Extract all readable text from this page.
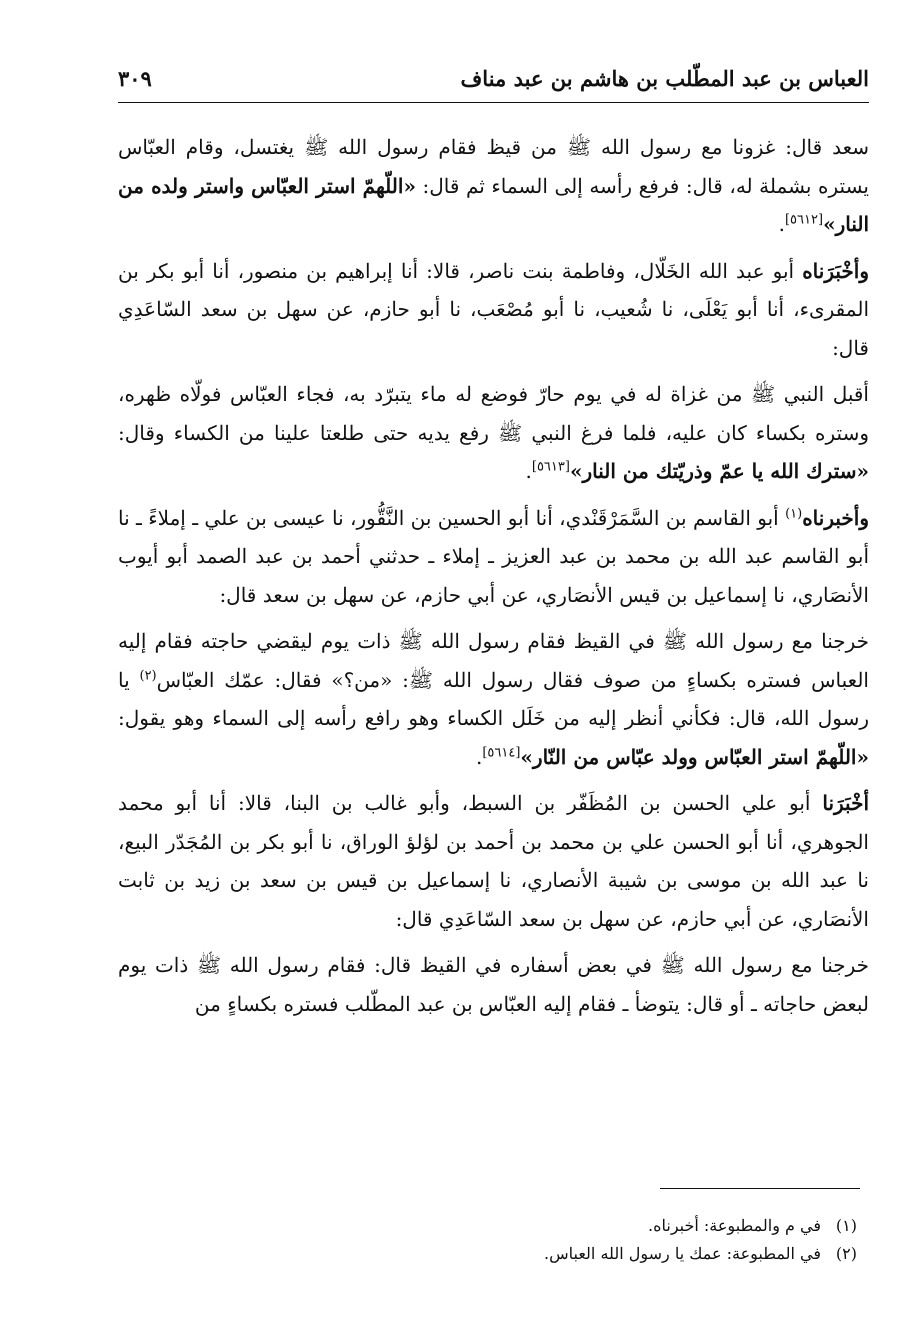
العباس بن عبد المطّلب بن هاشم بن عبد مناف
٣٠٩

سعد قال: غزونا مع رسول الله ﷺ من قيظ فقام رسول الله ﷺ يغتسل، وقام العبّاس يستره بشملة له، قال: فرفع رأسه إلى السماء ثم قال: «اللّهمّ استر العبّاس واستر ولده من النار»[٥٦١٢].

وأخْبَرَناه أبو عبد الله الخَلّال، وفاطمة بنت ناصر، قالا: أنا إبراهيم بن منصور، أنا أبو بكر بن المقرىء، أنا أبو يَعْلَى، نا شُعيب، نا أبو مُصْعَب، نا أبو حازم، عن سهل بن سعد السّاعَدِي قال:

أقبل النبي ﷺ من غزاة له في يوم حارّ فوضع له ماء يتبرّد به، فجاء العبّاس فولّاه ظهره، وستره بكساء كان عليه، فلما فرغ النبي ﷺ رفع يديه حتى طلعتا علينا من الكساء وقال: «سترك الله يا عمّ وذريّتك من النار»[٥٦١٣].

وأخبرناه$^{(١)}$ أبو القاسم بن السَّمَرْقَنْدي، أنا أبو الحسين بن النَّقُّور، نا عيسى بن علي ـ إملاءً ـ نا أبو القاسم عبد الله بن محمد بن عبد العزيز ـ إملاء ـ حدثني أحمد بن عبد الصمد أبو أيوب الأنصَاري، نا إسماعيل بن قيس الأنصَاري، عن أبي حازم، عن سهل بن سعد قال:

خرجنا مع رسول الله ﷺ في القيظ فقام رسول الله ﷺ ذات يوم ليقضي حاجته فقام إليه العباس فستره بكساءٍ من صوف فقال رسول الله ﷺ: «من؟» فقال: عمّك العبّاس$^{(٢)}$ يا رسول الله، قال: فكأني أنظر إليه من خَلَل الكساء وهو رافع رأسه إلى السماء وهو يقول: «اللّهمّ استر العبّاس وولد عبّاس من النّار»[٥٦١٤].

أخْبَرَنا أبو علي الحسن بن المُظَفّر بن السبط، وأبو غالب بن البنا، قالا: أنا أبو محمد الجوهري، أنا أبو الحسن علي بن محمد بن أحمد بن لؤلؤ الوراق، نا أبو بكر بن المُجَدّر البيع، نا عبد الله بن موسى بن شيبة الأنصاري، نا إسماعيل بن قيس بن سعد بن زيد بن ثابت الأنصَاري، عن أبي حازم، عن سهل بن سعد السّاعَدِي قال:

خرجنا مع رسول الله ﷺ في بعض أسفاره في القيظ قال: فقام رسول الله ﷺ ذات يوم لبعض حاجاته ـ أو قال: يتوضأ ـ فقام إليه العبّاس بن عبد المطّلب فستره بكساءٍ من

(١)في م والمطبوعة: أخبرناه.
(٢)في المطبوعة: عمك يا رسول الله العباس.
